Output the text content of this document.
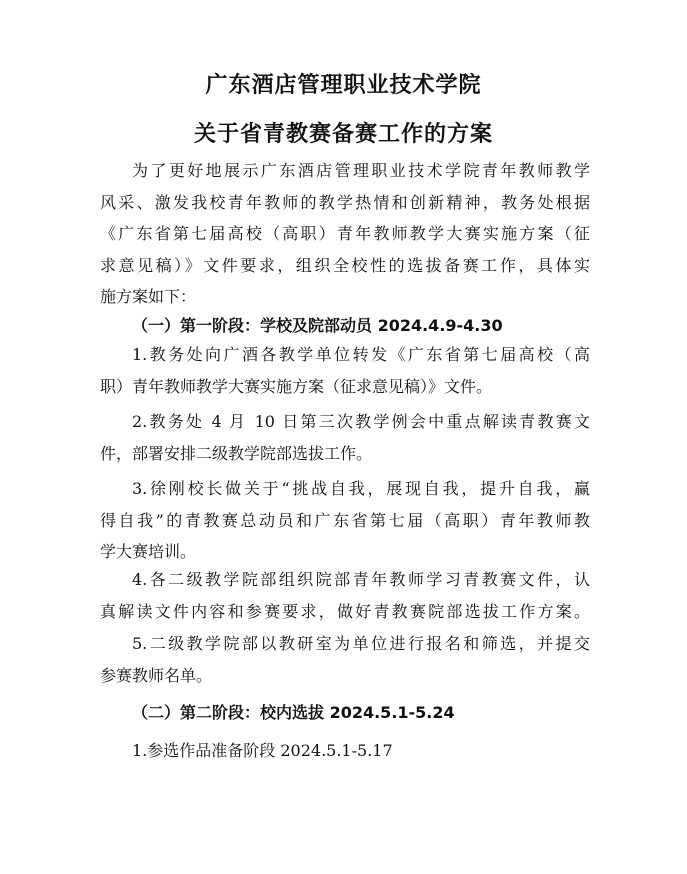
广东酒店管理职业技术学院
关于省青教赛备赛工作的方案
为了更好地展示广东酒店管理职业技术学院青年教师教学
风采、激发我校青年教师的教学热情和创新精神，教务处根据
《广东省第七届高校（高职）青年教师教学大赛实施方案（征
求意见稿）》文件要求，组织全校性的选拔备赛工作，具体实
施方案如下：
（一）第一阶段：学校及院部动员 2024.4.9-4.30
1.教务处向广酒各教学单位转发《广东省第七届高校（高
职）青年教师教学大赛实施方案（征求意见稿）》文件。
2.教务处 4 月 10 日第三次教学例会中重点解读青教赛文
件，部署安排二级教学院部选拔工作。
3.徐刚校长做关于“挑战自我，展现自我，提升自我，赢
得自我”的青教赛总动员和广东省第七届（高职）青年教师教
学大赛培训。
4.各二级教学院部组织院部青年教师学习青教赛文件，认
真解读文件内容和参赛要求，做好青教赛院部选拔工作方案。
5.二级教学院部以教研室为单位进行报名和筛选，并提交
参赛教师名单。
（二）第二阶段：校内选拔 2024.5.1-5.24
1.参选作品准备阶段 2024.5.1-5.17
